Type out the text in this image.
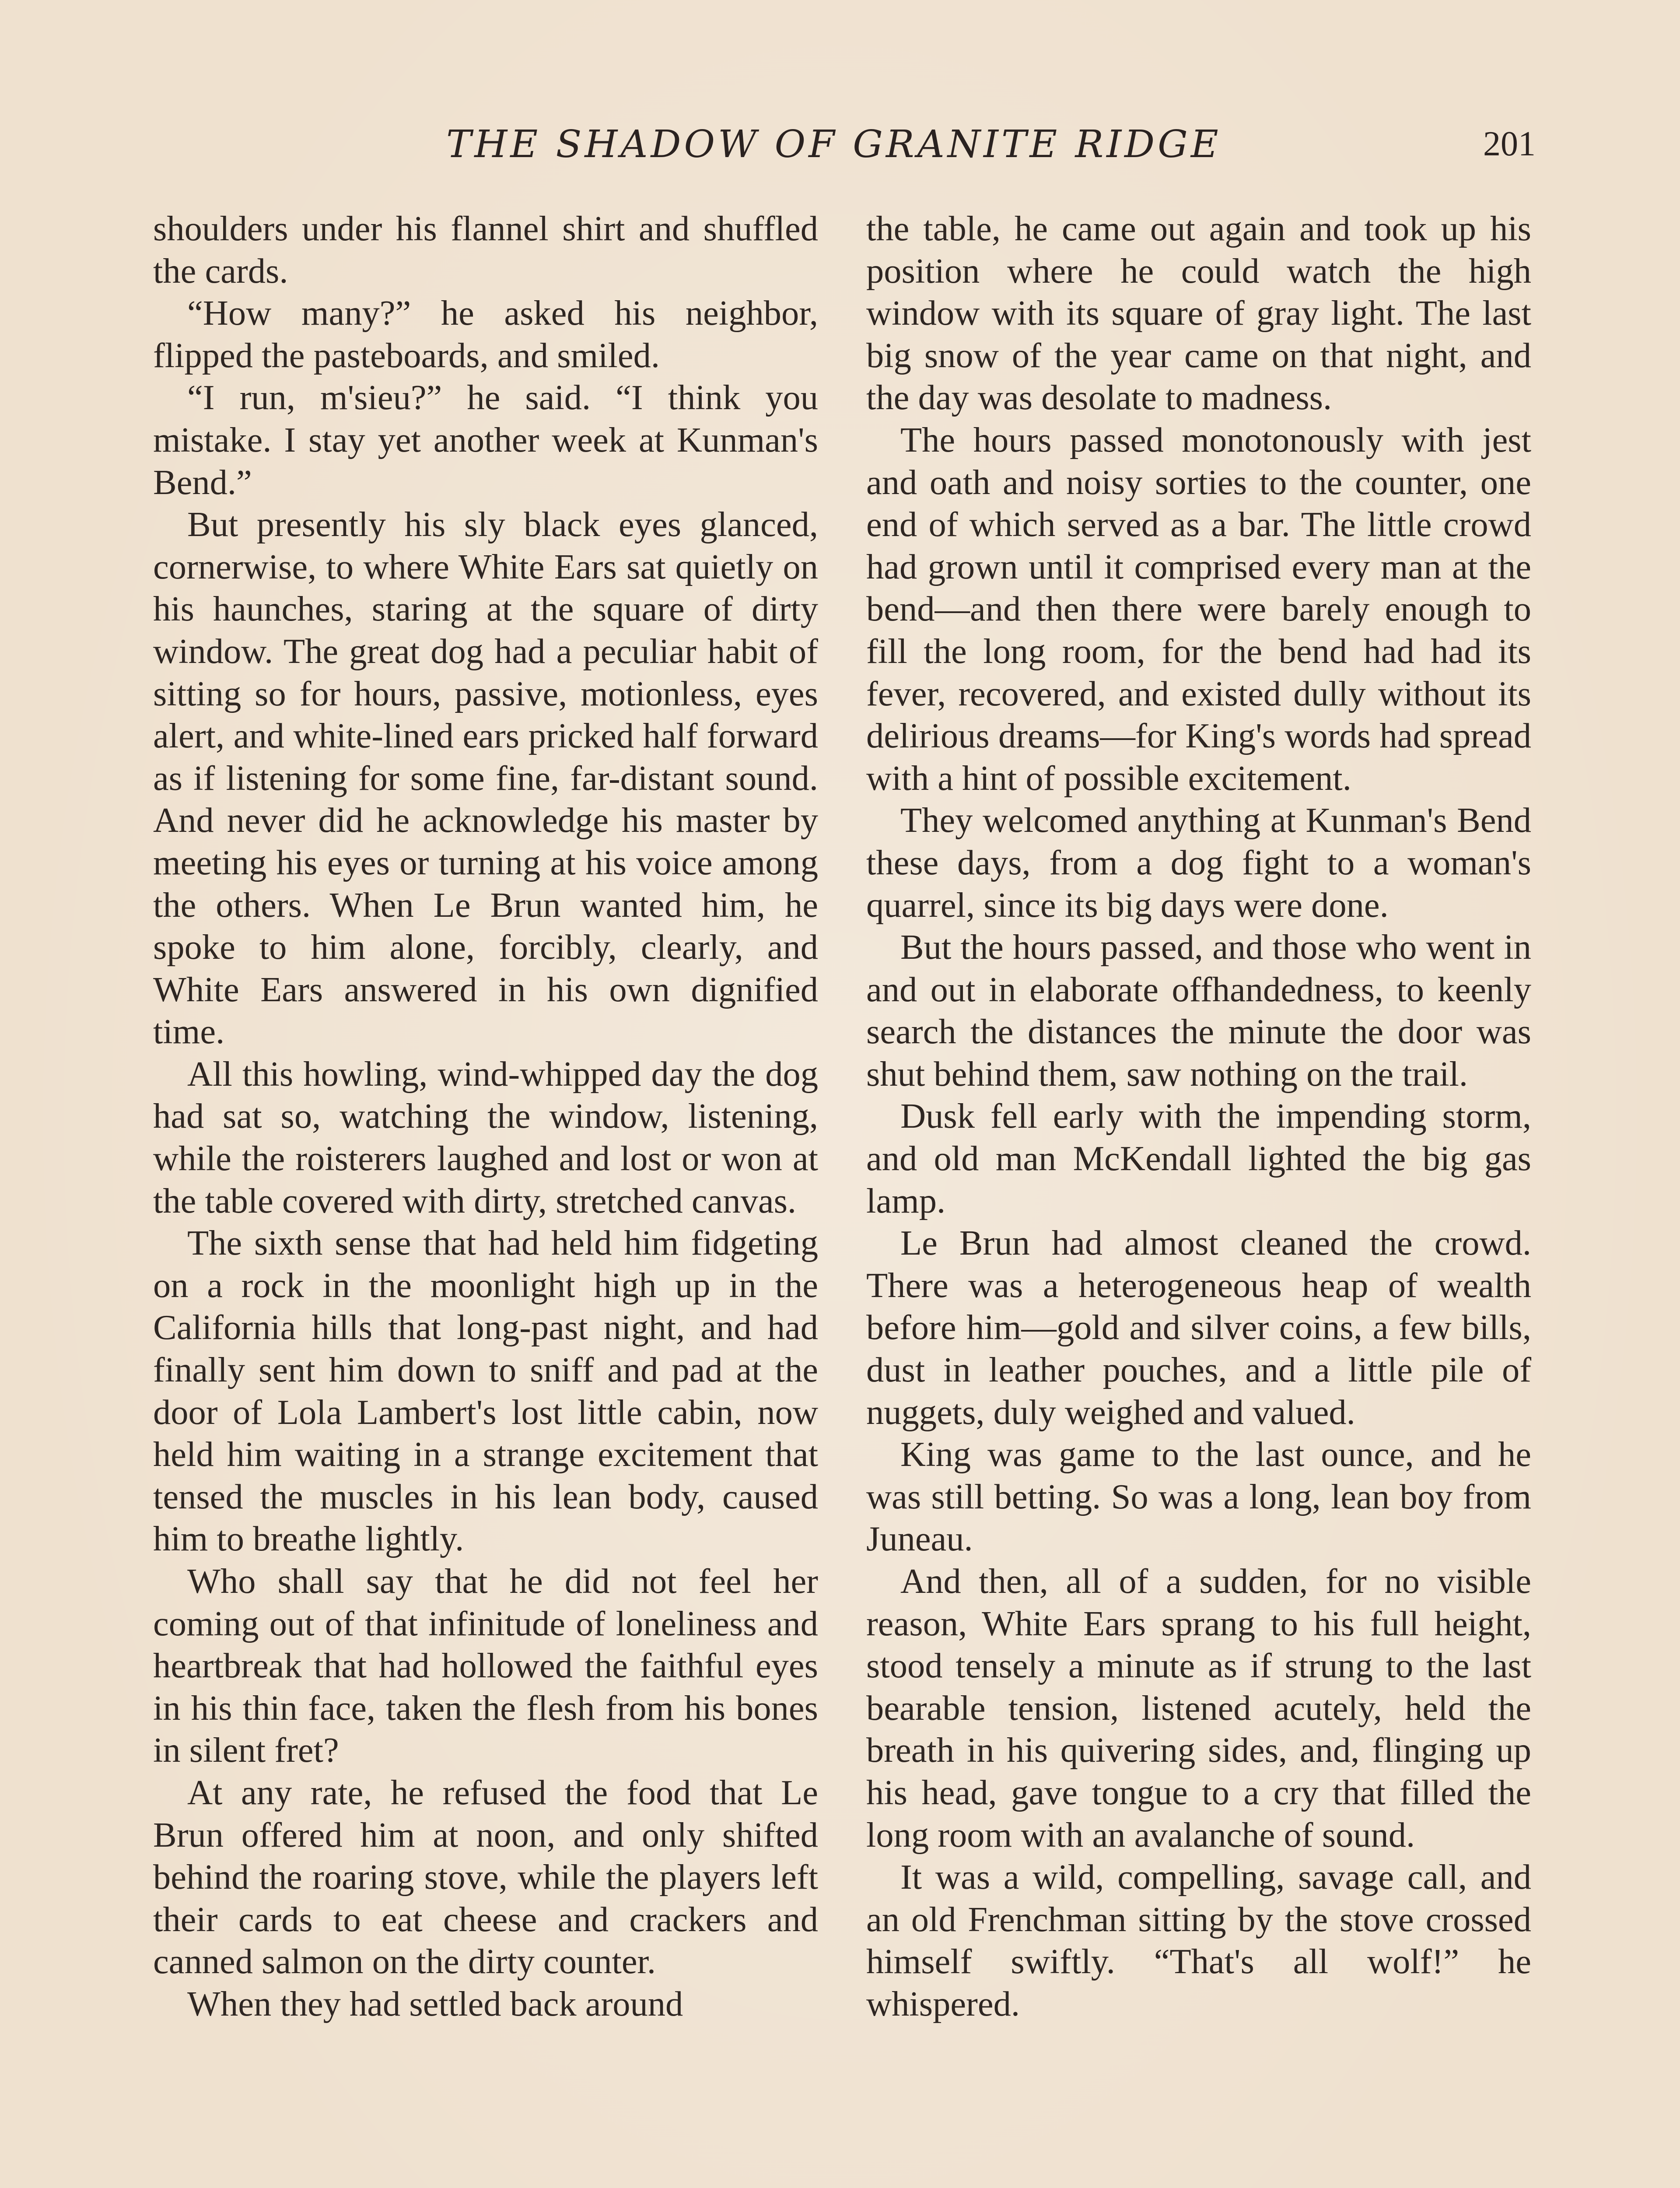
THE SHADOW OF GRANITE RIDGE	201

shoulders under his flannel shirt and shuffled the cards.

“How many?” he asked his neighbor, flipped the pasteboards, and smiled.

“I run, m'sieu?” he said. “I think you mistake. I stay yet another week at Kunman's Bend.”

But presently his sly black eyes glanced, cornerwise, to where White Ears sat quietly on his haunches, staring at the square of dirty window. The great dog had a peculiar habit of sitting so for hours, passive, motionless, eyes alert, and white-lined ears pricked half forward as if listening for some fine, far-distant sound. And never did he acknowledge his master by meeting his eyes or turning at his voice among the others. When Le Brun wanted him, he spoke to him alone, forcibly, clearly, and White Ears answered in his own dignified time.

All this howling, wind-whipped day the dog had sat so, watching the window, listening, while the roisterers laughed and lost or won at the table covered with dirty, stretched canvas.

The sixth sense that had held him fidgeting on a rock in the moonlight high up in the California hills that long-past night, and had finally sent him down to sniff and pad at the door of Lola Lambert's lost little cabin, now held him waiting in a strange excitement that tensed the muscles in his lean body, caused him to breathe lightly.

Who shall say that he did not feel her coming out of that infinitude of loneliness and heartbreak that had hollowed the faithful eyes in his thin face, taken the flesh from his bones in silent fret?

At any rate, he refused the food that Le Brun offered him at noon, and only shifted behind the roaring stove, while the players left their cards to eat cheese and crackers and canned salmon on the dirty counter.

When they had settled back around

the table, he came out again and took up his position where he could watch the high window with its square of gray light. The last big snow of the year came on that night, and the day was desolate to madness.

The hours passed monotonously with jest and oath and noisy sorties to the counter, one end of which served as a bar. The little crowd had grown until it comprised every man at the bend—and then there were barely enough to fill the long room, for the bend had had its fever, recovered, and existed dully without its delirious dreams—for King's words had spread with a hint of possible excitement.

They welcomed anything at Kunman's Bend these days, from a dog fight to a woman's quarrel, since its big days were done.

But the hours passed, and those who went in and out in elaborate offhandedness, to keenly search the distances the minute the door was shut behind them, saw nothing on the trail.

Dusk fell early with the impending storm, and old man McKendall lighted the big gas lamp.

Le Brun had almost cleaned the crowd. There was a heterogeneous heap of wealth before him—gold and silver coins, a few bills, dust in leather pouches, and a little pile of nuggets, duly weighed and valued.

King was game to the last ounce, and he was still betting. So was a long, lean boy from Juneau.

And then, all of a sudden, for no visible reason, White Ears sprang to his full height, stood tensely a minute as if strung to the last bearable tension, listened acutely, held the breath in his quivering sides, and, flinging up his head, gave tongue to a cry that filled the long room with an avalanche of sound.

It was a wild, compelling, savage call, and an old Frenchman sitting by the stove crossed himself swiftly. “That's all wolf!” he whispered.
